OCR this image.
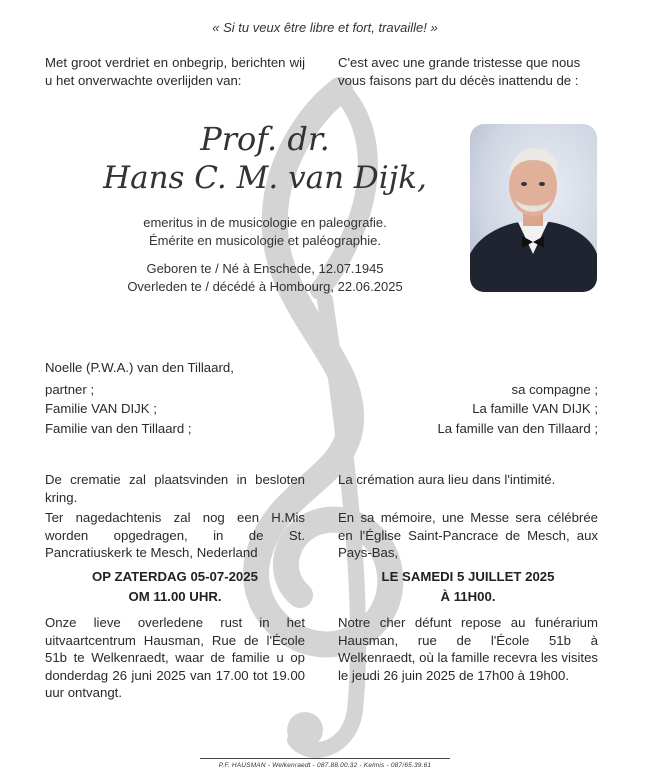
« Si tu veux être libre et fort, travaille! »
Met groot verdriet en onbegrip, berichten wij u het onverwachte overlijden van:
C'est avec une grande tristesse que nous vous faisons part du décès inattendu de :
Prof. dr.
Hans C. M. van Dijk,
emeritus in de musicologie en paleografie.
Émérite en musicologie et paléographie.
Geboren te / Né à Enschede, 12.07.1945
Overleden te / décédé à Hombourg, 22.06.2025
Noelle (P.W.A.) van den Tillaard,
partner ;
Familie VAN DIJK ;
Familie van den Tillaard ;
sa compagne ;
La famille VAN DIJK ;
La famille van den Tillaard ;
De crematie zal plaatsvinden in besloten kring.
Ter nagedachtenis zal nog een H.Mis worden opgedragen, in de St. Pancratiuskerk te Mesch, Nederland
OP ZATERDAG 05-07-2025
OM 11.00 UHR.
Onze lieve overledene rust in het uitvaartcentrum Hausman, Rue de l'École 51b te Welkenraedt, waar de familie u op donderdag 26 juni 2025 van 17.00 tot 19.00 uur ontvangt.
La crémation aura lieu dans l'intimité.
En sa mémoire, une Messe sera célébrée en l'Église Saint-Pancrace de Mesch, aux Pays-Bas,
LE SAMEDI 5 JUILLET 2025
À 11H00.
Notre cher défunt repose au funérarium Hausman, rue de l'École 51b à Welkenraedt, où la famille recevra les visites le jeudi 26 juin 2025 de 17h00 à 19h00.
P.F. HAUSMAN - Welkenraedt - 087.88.00.32 - Kelmis - 087/65.39.61
